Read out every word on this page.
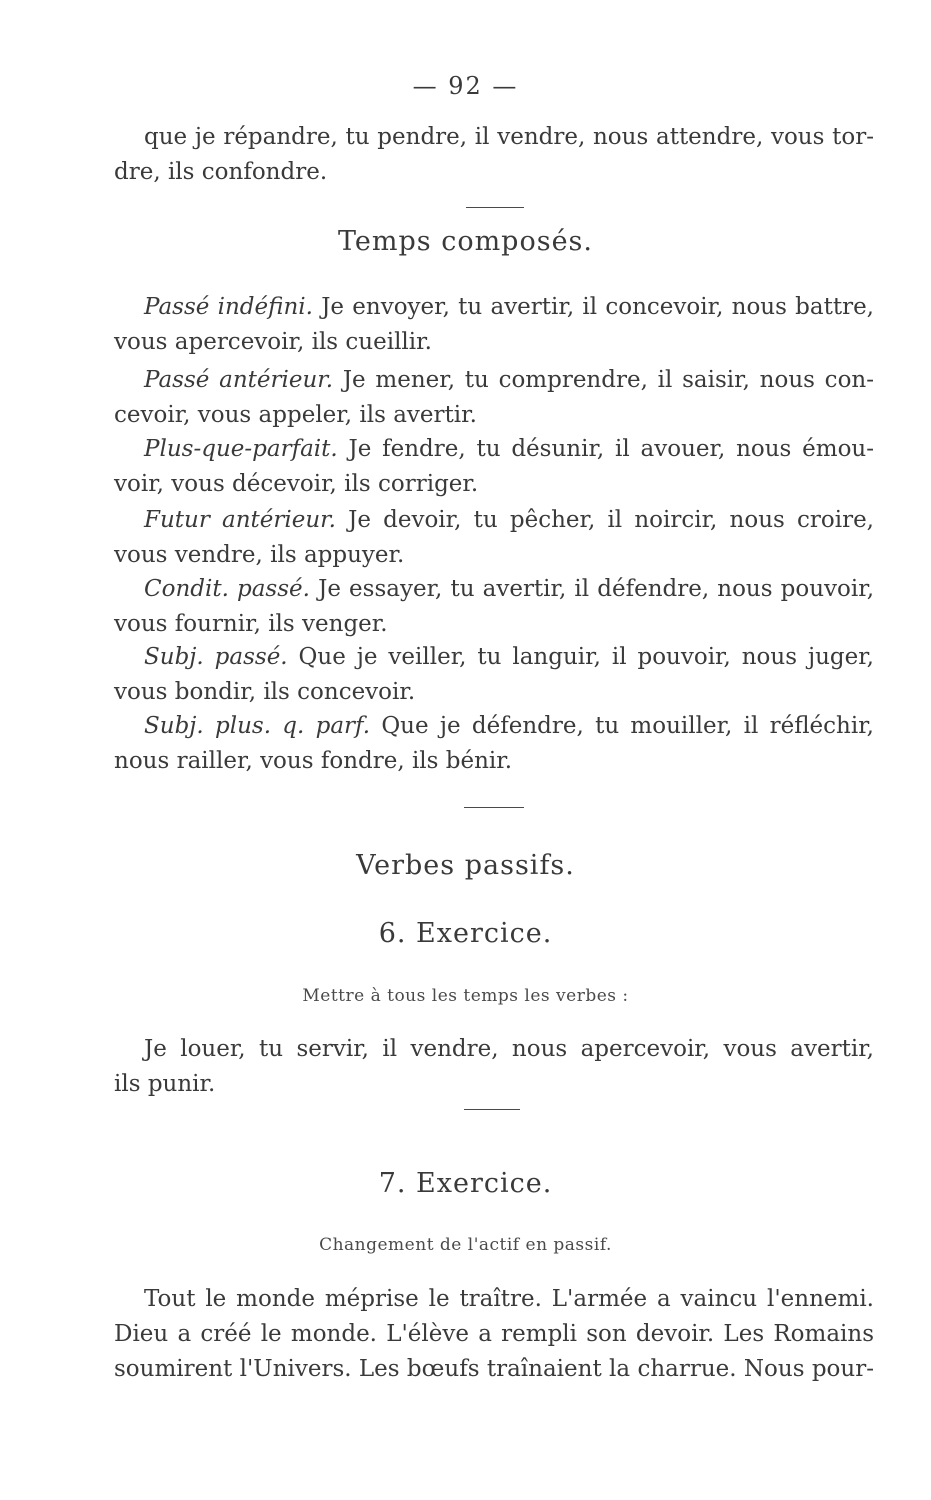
— 92 —
que je répandre, tu pendre, il vendre, nous attendre, vous tor-
dre, ils confondre.
Temps composés.
Passé indéfini. Je envoyer, tu avertir, il concevoir, nous battre,
vous apercevoir, ils cueillir.
Passé antérieur. Je mener, tu comprendre, il saisir, nous con-
cevoir, vous appeler, ils avertir.
Plus-que-parfait. Je fendre, tu désunir, il avouer, nous émou-
voir, vous décevoir, ils corriger.
Futur antérieur. Je devoir, tu pêcher, il noircir, nous croire,
vous vendre, ils appuyer.
Condit. passé. Je essayer, tu avertir, il défendre, nous pouvoir,
vous fournir, ils venger.
Subj. passé. Que je veiller, tu languir, il pouvoir, nous juger,
vous bondir, ils concevoir.
Subj. plus. q. parf. Que je défendre, tu mouiller, il réfléchir,
nous railler, vous fondre, ils bénir.
Verbes passifs.
6. Exercice.
Mettre à tous les temps les verbes :
Je louer, tu servir, il vendre, nous apercevoir, vous avertir,
ils punir.
7. Exercice.
Changement de l'actif en passif.
Tout le monde méprise le traître. L'armée a vaincu l'ennemi.
Dieu a créé le monde. L'élève a rempli son devoir. Les Romains
soumirent l'Univers. Les bœufs traînaient la charrue. Nous pour-
